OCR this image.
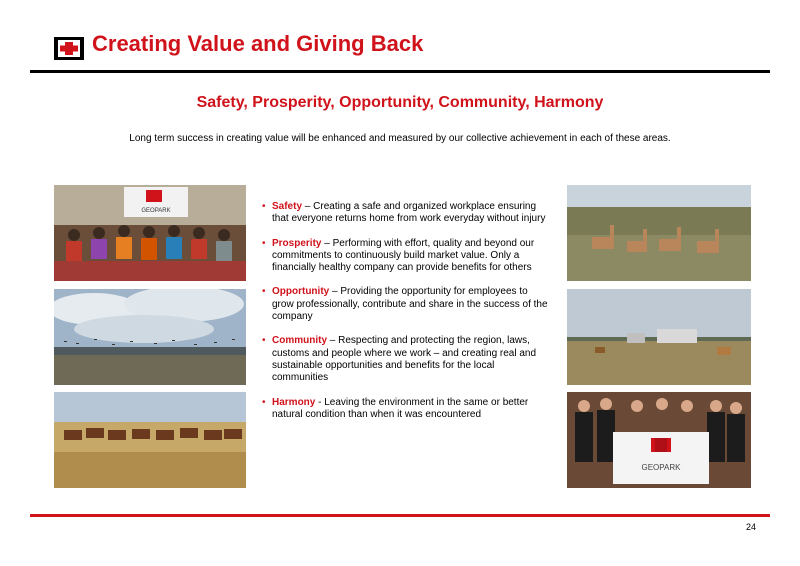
Creating Value and Giving Back
Safety, Prosperity, Opportunity, Community, Harmony
Long term success in creating value will be enhanced and measured by our collective achievement in each of these areas.
GEOPARK	• Safety – Creating a safe and organized workplace ensuring that everyone returns home from work everyday without injury
• Prosperity – Performing with effort, quality and beyond our commitments to continuously build market value. Only a financially healthy company can provide benefits for others
• Opportunity – Providing the opportunity for employees to grow professionally, contribute and share in the success of the company
• Community – Respecting and protecting the region, laws, customs and people where we work – and creating real and sustainable opportunities and benefits for the local communities
• Harmony - Leaving the environment in the same or better natural condition than when it was encountered
GEOPARK
24
